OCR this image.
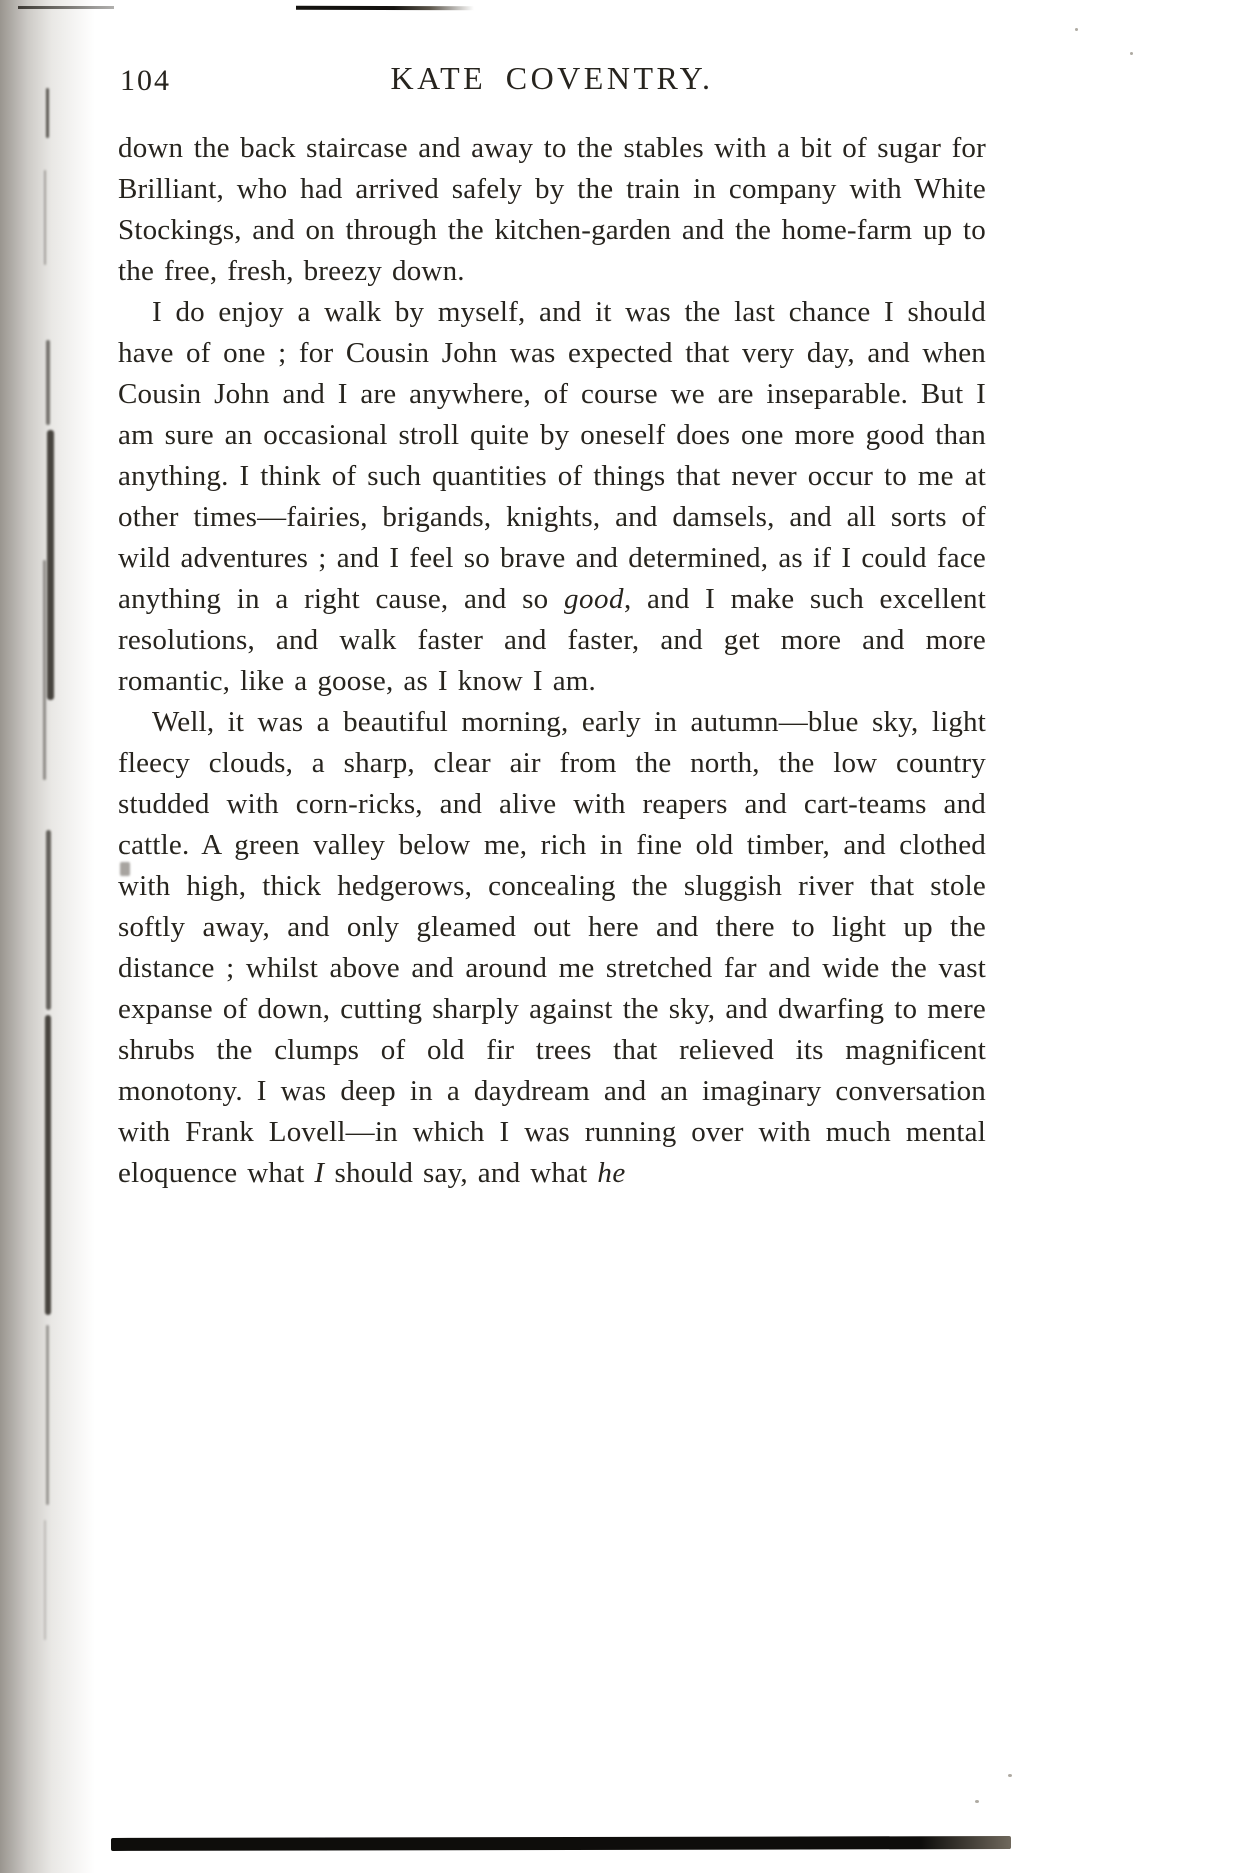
104	KATE COVENTRY.

down the back staircase and away to the stables with a bit of sugar for Brilliant, who had arrived safely by the train in company with White Stockings, and on through the kitchen-garden and the home-farm up to the free, fresh, breezy down.

I do enjoy a walk by myself, and it was the last chance I should have of one ; for Cousin John was expected that very day, and when Cousin John and I are anywhere, of course we are inseparable. But I am sure an occasional stroll quite by oneself does one more good than anything. I think of such quantities of things that never occur to me at other times—fairies, brigands, knights, and damsels, and all sorts of wild adventures ; and I feel so brave and determined, as if I could face anything in a right cause, and so good, and I make such excellent resolutions, and walk faster and faster, and get more and more romantic, like a goose, as I know I am.

Well, it was a beautiful morning, early in autumn—blue sky, light fleecy clouds, a sharp, clear air from the north, the low country studded with corn-ricks, and alive with reapers and cart-teams and cattle. A green valley below me, rich in fine old timber, and clothed with high, thick hedgerows, concealing the sluggish river that stole softly away, and only gleamed out here and there to light up the distance ; whilst above and around me stretched far and wide the vast expanse of down, cutting sharply against the sky, and dwarfing to mere shrubs the clumps of old fir trees that relieved its magnificent monotony. I was deep in a daydream and an imaginary conversation with Frank Lovell—in which I was running over with much mental eloquence what I should say, and what he
